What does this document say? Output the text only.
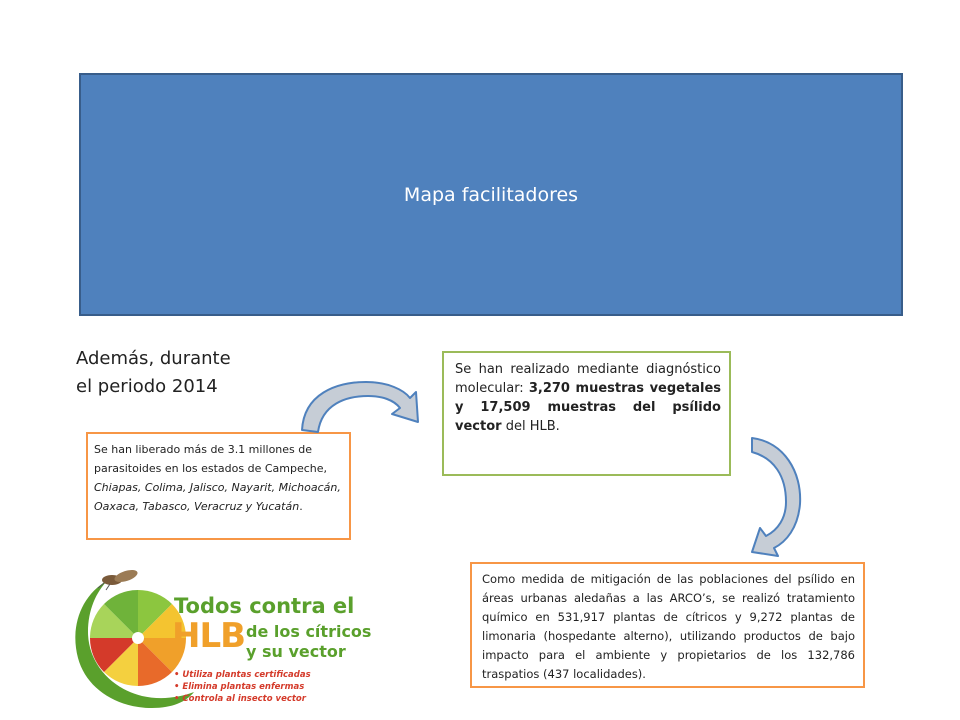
Mapa facilitadores
Además, durante
el periodo 2014
Se han liberado más de 3.1 millones de parasitoides en los estados de Campeche, Chiapas, Colima, Jalisco, Nayarit, Michoacán, Oaxaca, Tabasco, Veracruz y Yucatán.
Se han realizado mediante diagnóstico molecular: 3,270 muestras vegetales y 17,509 muestras del psílido vector del HLB.
Como medida de mitigación de las poblaciones del psílido en áreas urbanas aledañas a las ARCO’s, se realizó tratamiento químico en 531,917 plantas de cítricos y 9,272 plantas de limonaria (hospedante alterno), utilizando productos de bajo impacto para el ambiente y propietarios de los 132,786 traspatios (437 localidades).
Todos contra el
HLB de los cítricos
y su vector
• Utiliza plantas certificadas
• Elimina plantas enfermas
• Controla al insecto vector
